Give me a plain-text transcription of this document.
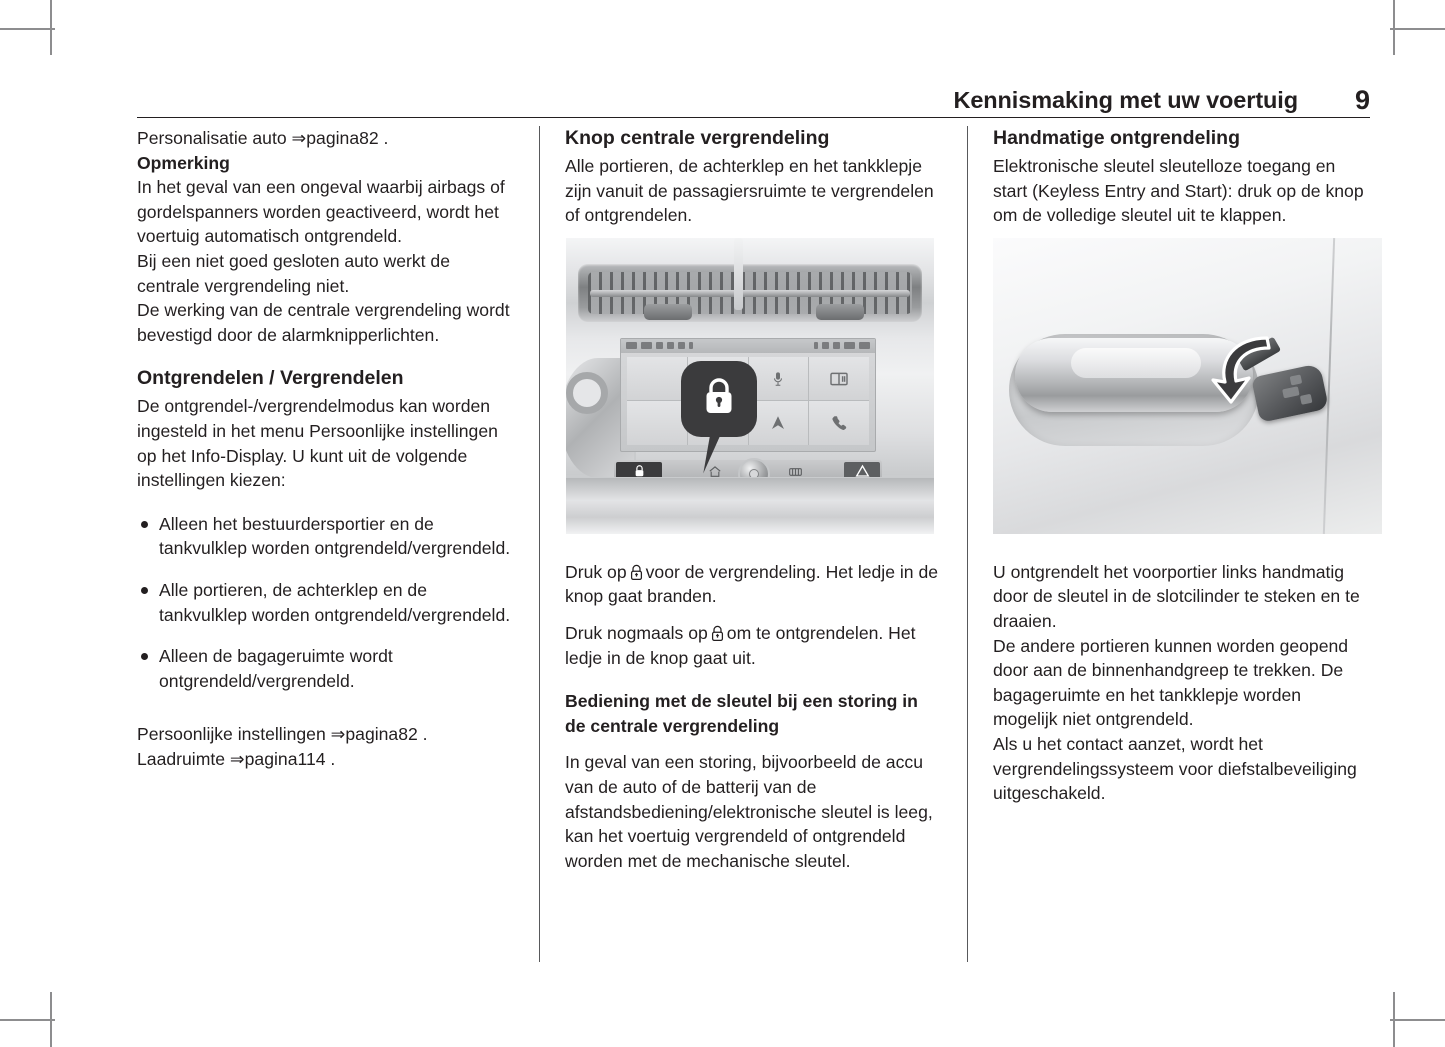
Kennismaking met uw voertuig 9

Personalisatie auto ⇒pagina82 .

Opmerking

In het geval van een ongeval waarbij airbags of gordelspanners worden geactiveerd, wordt het voertuig automatisch ontgrendeld.

Bij een niet goed gesloten auto werkt de centrale vergrendeling niet.

De werking van de centrale vergrendeling wordt bevestigd door de alarmknipperlichten.

Ontgrendelen / Vergrendelen

De ontgrendel-/vergrendelmodus kan worden ingesteld in het menu Persoonlijke instellingen op het Info-Display. U kunt uit de volgende instellingen kiezen:

Alleen het bestuurdersportier en de tankvulklep worden ontgrendeld/vergrendeld.
Alle portieren, de achterklep en de tankvulklep worden ontgrendeld/vergrendeld.
Alleen de bagageruimte wordt ontgrendeld/vergrendeld.

Persoonlijke instellingen ⇒pagina82 .

Laadruimte ⇒pagina114 .

Knop centrale vergrendeling

Alle portieren, de achterklep en het tankklepje zijn vanuit de passagiersruimte te vergrendelen of ontgrendelen.

Druk op voor de vergrendeling. Het ledje in de knop gaat branden.

Druk nogmaals op om te ontgrendelen. Het ledje in de knop gaat uit.

Bediening met de sleutel bij een storing in de centrale vergrendeling

In geval van een storing, bijvoorbeeld de accu van de auto of de batterij van de afstandsbediening/elektronische sleutel is leeg, kan het voertuig vergrendeld of ontgrendeld worden met de mechanische sleutel.

Handmatige ontgrendeling

Elektronische sleutel sleutelloze toegang en start (Keyless Entry and Start): druk op de knop om de volledige sleutel uit te klappen.

U ontgrendelt het voorportier links handmatig door de sleutel in de slotcilinder te steken en te draaien.

De andere portieren kunnen worden geopend door aan de binnenhandgreep te trekken. De bagageruimte en het tankklepje worden mogelijk niet ontgrendeld.

Als u het contact aanzet, wordt het vergrendelingssysteem voor diefstalbeveiliging uitgeschakeld.
